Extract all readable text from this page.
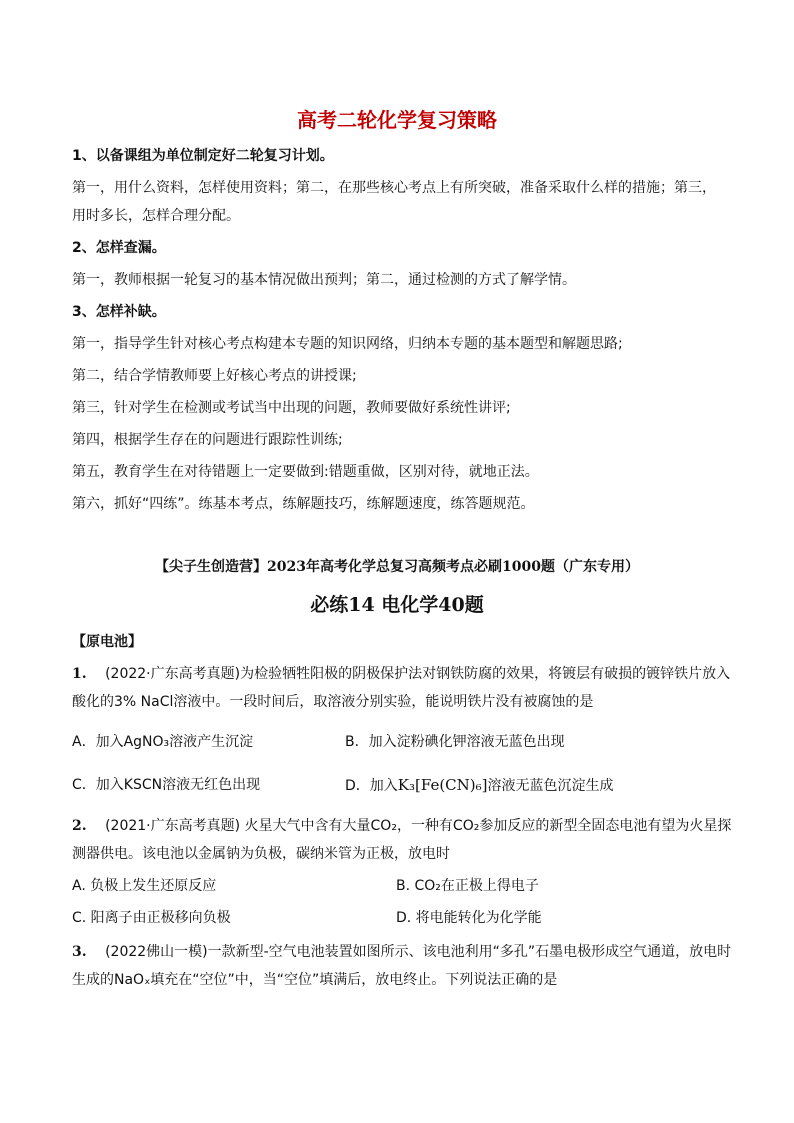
高考二轮化学复习策略
1、以备课组为单位制定好二轮复习计划。
第一，用什么资料，怎样使用资料；第二，在那些核心考点上有所突破，准备采取什么样的措施；第三，
用时多长，怎样合理分配。
2、怎样查漏。
第一，教师根据一轮复习的基本情况做出预判；第二，通过检测的方式了解学情。
3、怎样补缺。
第一，指导学生针对核心考点构建本专题的知识网络，归纳本专题的基本题型和解题思路;
第二，结合学情教师要上好核心考点的讲授课;
第三，针对学生在检测或考试当中出现的问题，教师要做好系统性讲评;
第四，根据学生存在的问题进行跟踪性训练;
第五，教育学生在对待错题上一定要做到:错题重做，区别对待，就地正法。
第六，抓好“四练”。练基本考点，练解题技巧，练解题速度，练答题规范。
【尖子生创造营】2023年高考化学总复习高频考点必刷1000题（广东专用）
必练14 电化学40题
【原电池】
1. (2022·广东高考真题)为检验牺牲阳极的阴极保护法对钢铁防腐的效果，将镀层有破损的镀锌铁片放入
酸化的3% NaCl溶液中。一段时间后，取溶液分别实验，能说明铁片没有被腐蚀的是
A．加入AgNO₃溶液产生沉淀	B．加入淀粉碘化钾溶液无蓝色出现
C．加入KSCN溶液无红色出现	D．加入K₃[Fe(CN)₆]溶液无蓝色沉淀生成
2. (2021·广东高考真题) 火星大气中含有大量CO₂，一种有CO₂参加反应的新型全固态电池有望为火星探
测器供电。该电池以金属钠为负极，碳纳米管为正极，放电时
A. 负极上发生还原反应	B. CO₂在正极上得电子
C. 阳离子由正极移向负极	D. 将电能转化为化学能
3. (2022佛山一模)一款新型-空气电池装置如图所示、该电池利用“多孔”石墨电极形成空气通道，放电时
生成的NaOₓ填充在“空位”中，当“空位”填满后，放电终止。下列说法正确的是
